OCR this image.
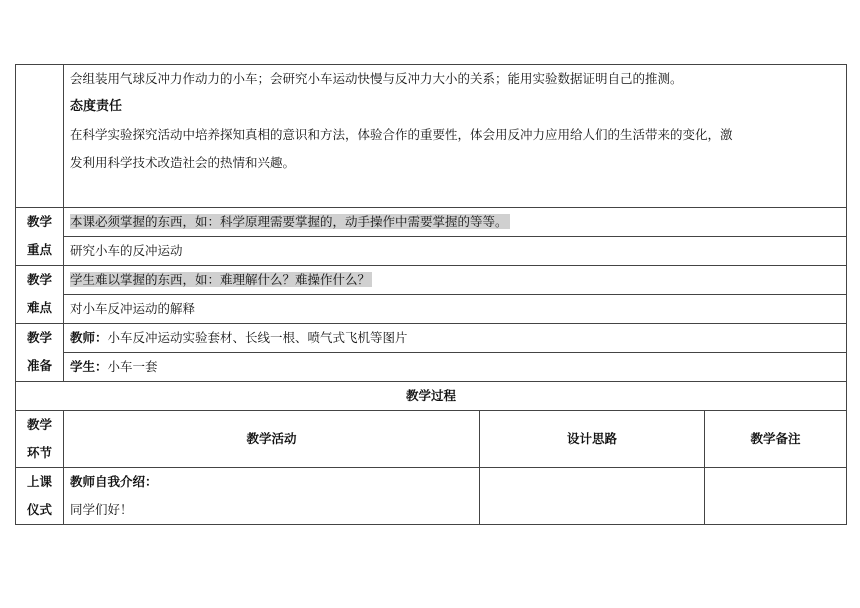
	会组装用气球反冲力作动力的小车；会研究小车运动快慢与反冲力大小的关系；能用实验数据证明自己的推测。
态度责任
在科学实验探究活动中培养探知真相的意识和方法，体验合作的重要性，体会用反冲力应用给人们的生活带来的变化，激
发利用科学技术改造社会的热情和兴趣。		

教学
重点	本课必须掌握的东西，如：科学原理需要掌握的，动手操作中需要掌握的等等。		

	研究小车的反冲运动		

教学
难点	学生难以掌握的东西，如：难理解什么？难操作什么？		

	对小车反冲运动的解释		

教学
准备	教师：小车反冲运动实验套材、长线一根、喷气式飞机等图片		

	学生：小车一套		

教学过程			

教学
环节	教学活动	设计思路	教学备注

上课
仪式	教师自我介绍：
同学们好！		
